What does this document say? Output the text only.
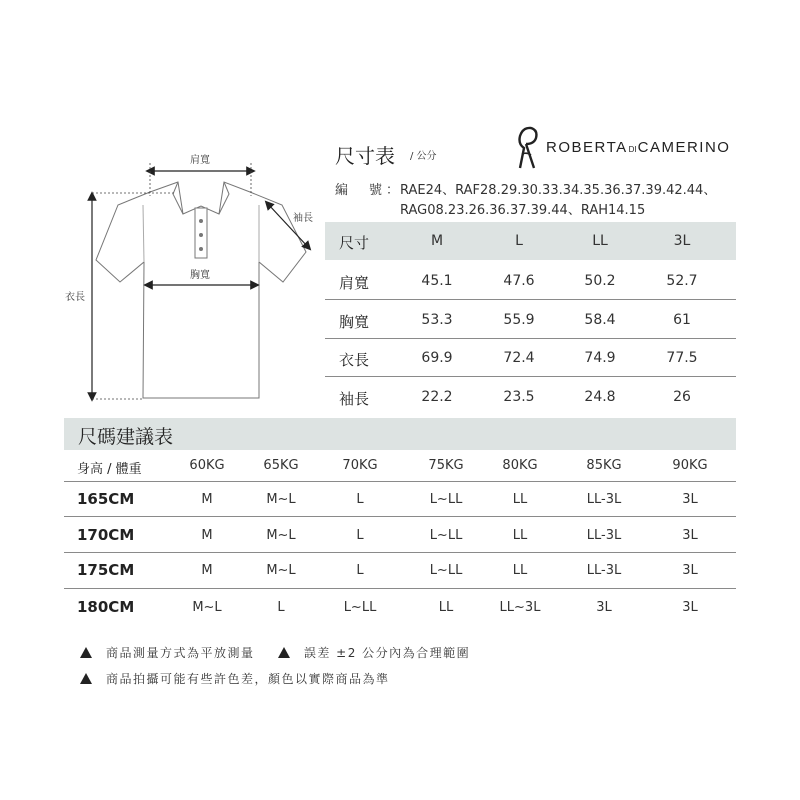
肩寬
胸寬
袖長
衣長
尺寸表 / 公分
ROBERTADICAMERINO
編　號：
RAE24、RAF28.29.30.33.34.35.36.37.39.42.44、
RAG08.23.26.36.37.39.44、RAH14.15
尺寸	M	L	LL	3L
肩寬	45.1	47.6	50.2	52.7
胸寬	53.3	55.9	58.4	61
衣長	69.9	72.4	74.9	77.5
袖長	22.2	23.5	24.8	26
尺碼建議表
身高 / 體重	60KG	65KG	70KG	75KG	80KG	85KG	90KG
165CM	M	M~L	L	L~LL	LL	LL-3L	3L
170CM	M	M~L	L	L~LL	LL	LL-3L	3L
175CM	M	M~L	L	L~LL	LL	LL-3L	3L
180CM	M~L	L	L~LL	LL	LL~3L	3L	3L
商品測量方式為平放測量	誤差 ±2 公分內為合理範圍
商品拍攝可能有些許色差，顏色以實際商品為準
